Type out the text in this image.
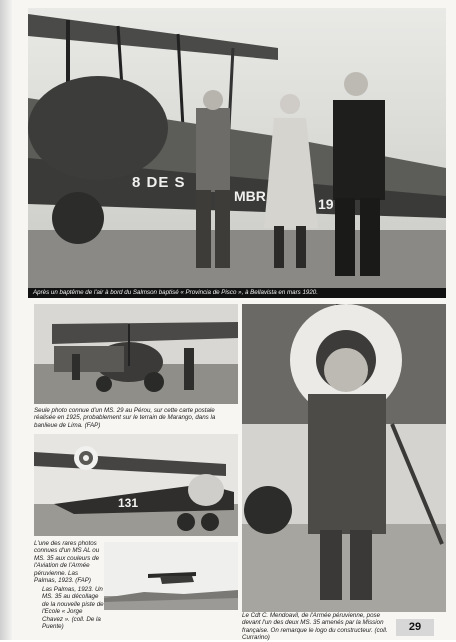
8 DE S
MBR	19
Après un baptême de l'air à bord du Salmson baptisé « Provincia de Pisco », à Bellavista en mars 1920.
Seule photo connue d'un MS. 29 au Pérou, sur cette carte postale réalisée en 1925, probablement sur le terrain de Marango, dans la banlieue de Lima. (FAP)
131
L'une des rares photos connues d'un MS AL ou MS. 35 aux couleurs de l'Aviation de l'Armée péruvienne. Las Palmas, 1923. (FAP)
Las Palmas, 1923. Un MS. 35 au décollage de la nouvelle piste de l'Ecole « Jorge Chavez ». (coll. De la Puente)
Le Cdt C. Mendoavil, de l'Armée péruvienne, pose devant l'un des deux MS. 35 amenés par la Mission française. On remarque le logo du constructeur. (coll. Currarino)
29
